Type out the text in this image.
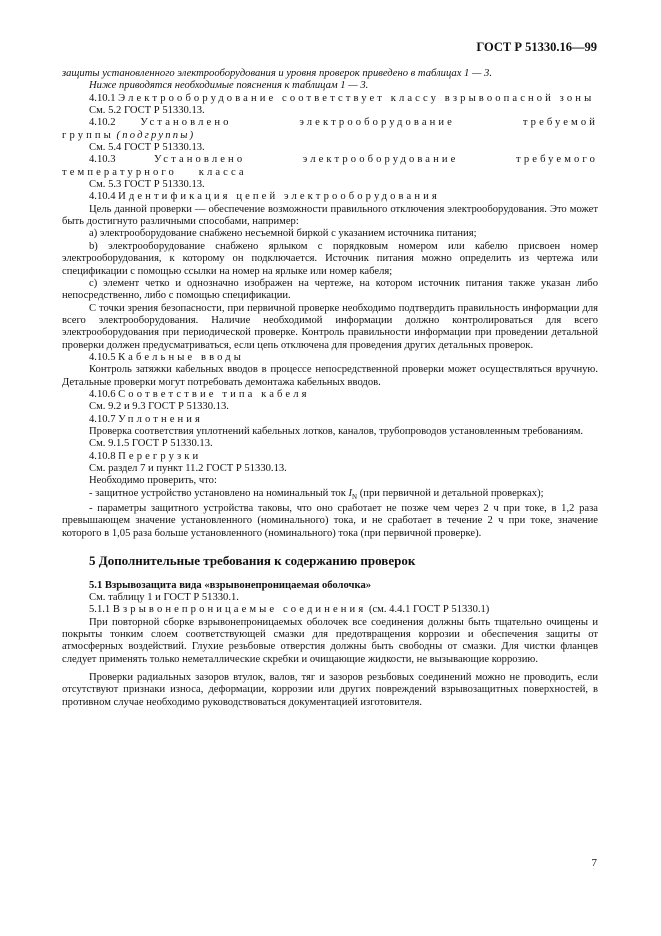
ГОСТ Р 51330.16—99

защиты установленного электрооборудования и уровня проверок приведено в таблицах 1 — 3.

Ниже приводятся необходимые пояснения к таблицам 1 — 3.

4.10.1 Электрооборудование соответствует классу взрывоопасной зоны

См. 5.2 ГОСТ Р 51330.13.

4.10.2 Установлено электрооборудование требуемой группы (подгруппы)

См. 5.4 ГОСТ Р 51330.13.

4.10.3	Установлено электрооборудование требуемого температурного класса

См. 5.3 ГОСТ Р 51330.13.

4.10.4 Идентификация цепей электрооборудования

Цель данной проверки — обеспечение возможности правильного отключения электрооборудования. Это может быть достигнуто различными способами, например:

a) электрооборудование снабжено несъемной биркой с указанием источника питания;

b) электрооборудование снабжено ярлыком с порядковым номером или кабелю присвоен номер электрооборудования, к которому он подключается. Источник питания можно определить из чертежа или спецификации с помощью ссылки на номер на ярлыке или номер кабеля;

c) элемент четко и однозначно изображен на чертеже, на котором источник питания также указан либо непосредственно, либо с помощью спецификации.

С точки зрения безопасности, при первичной проверке необходимо подтвердить правильность информации для всего электрооборудования. Наличие необходимой информации должно контролироваться для всего электрооборудования при периодической проверке. Контроль правильности информации при проведении детальной проверки должен предусматриваться, если цепь отключена для проведения других детальных проверок.

4.10.5 Кабельные вводы

Контроль затяжки кабельных вводов в процессе непосредственной проверки может осуществляться вручную. Детальные проверки могут потребовать демонтажа кабельных вводов.

4.10.6 Соответствие типа кабеля

См. 9.2 и 9.3 ГОСТ Р 51330.13.

4.10.7 Уплотнения

Проверка соответствия уплотнений кабельных лотков, каналов, трубопроводов установленным требованиям.

См. 9.1.5 ГОСТ Р 51330.13.

4.10.8 Перегрузки

См. раздел 7 и пункт 11.2 ГОСТ Р 51330.13.

Необходимо проверить, что:

- защитное устройство установлено на номинальный ток $I_N$ (при первичной и детальной проверках);

- параметры защитного устройства таковы, что оно сработает не позже чем через 2 ч при токе, в 1,2 раза превышающем значение установленного (номинального) тока, и не сработает в течение 2 ч при токе, значение которого в 1,05 раза больше установленного (номинального) тока (при первичной проверке).

5 Дополнительные требования к содержанию проверок

5.1 Взрывозащита вида «взрывонепроницаемая оболочка»

См. таблицу 1 и ГОСТ Р 51330.1.

5.1.1 Взрывонепроницаемые соединения (см. 4.4.1 ГОСТ Р 51330.1)

При повторной сборке взрывонепроницаемых оболочек все соединения должны быть тщательно очищены и покрыты тонким слоем соответствующей смазки для предотвращения коррозии и обеспечения защиты от атмосферных воздействий. Глухие резьбовые отверстия должны быть свободны от смазки. Для чистки фланцев следует применять только неметаллические скребки и очищающие жидкости, не вызывающие коррозию.

Проверки радиальных зазоров втулок, валов, тяг и зазоров резьбовых соединений можно не проводить, если отсутствуют признаки износа, деформации, коррозии или других повреждений взрывозащитных поверхностей, в противном случае необходимо руководствоваться документацией изготовителя.

7
